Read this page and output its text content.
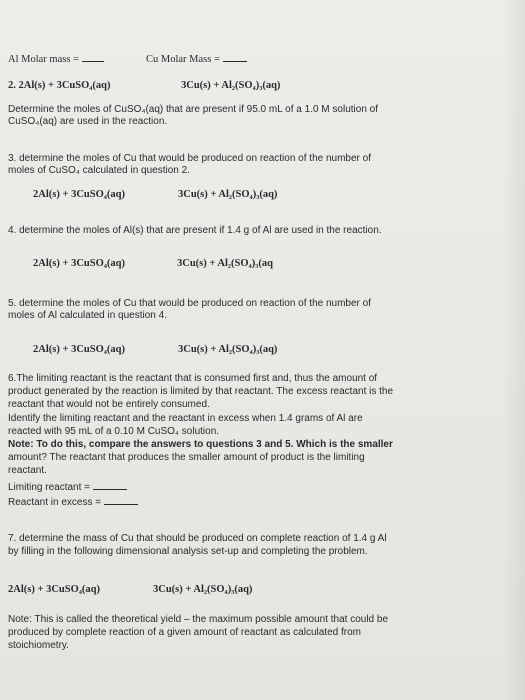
Al Molar mass =	Cu Molar Mass =
2. 2Al(s) + 3CuSO₄(aq)	3Cu(s) + Al₂(SO₄)₃(aq)
Determine the moles of CuSO₄(aq) that are present if 95.0 mL of a 1.0 M solution of
CuSO₄(aq) are used in the reaction.
3. determine the moles of Cu that would be produced on reaction of the number of
moles of CuSO₄ calculated in question 2.
2Al(s) + 3CuSO₄(aq)	3Cu(s) + Al₂(SO₄)₃(aq)
4. determine the moles of Al(s) that are present if 1.4 g of Al are used in the reaction.
2Al(s) + 3CuSO₄(aq)	3Cu(s) + Al₂(SO₄)₃(aq
5. determine the moles of Cu that would be produced on reaction of the number of
moles of Al calculated in question 4.
2Al(s) + 3CuSO₄(aq)	3Cu(s) + Al₂(SO₄)₃(aq)
6.The limiting reactant is the reactant that is consumed first and, thus the amount of
product generated by the reaction is limited by that reactant. The excess reactant is the
reactant that would not be entirely consumed.
Identify the limiting reactant and the reactant in excess when 1.4 grams of Al are
reacted with 95 mL of a 0.10 M CuSO₄ solution.
Note: To do this, compare the answers to questions 3 and 5. Which is the smaller
amount? The reactant that produces the smaller amount of product is the limiting
reactant.
Limiting reactant =
Reactant in excess =
7. determine the mass of Cu that should be produced on complete reaction of 1.4 g Al
by filling in the following dimensional analysis set-up and completing the problem.
2Al(s) + 3CuSO₄(aq)	3Cu(s) + Al₂(SO₄)₃(aq)
Note: This is called the theoretical yield – the maximum possible amount that could be
produced by complete reaction of a given amount of reactant as calculated from
stoichiometry.
